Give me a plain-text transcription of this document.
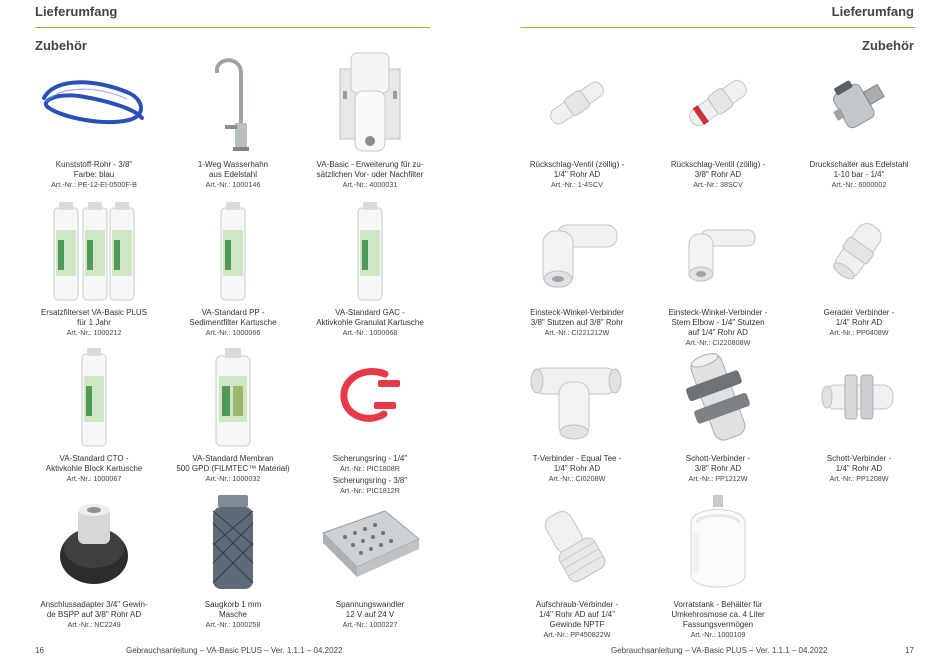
Lieferumfang
Zubehör
Kunststoff-Rohr - 3/8"
Farbe: blau
Art.-Nr.: PE-12-EI-0500F-B
1-Weg Wasserhahn
aus Edelstahl
Art.-Nr.: 1000146
VA-Basic - Erweiterung für zu-
sätzlichen Vor- oder Nachfilter
Art.-Nr.: 4000031
Ersatzfilterset VA-Basic PLUS
für 1 Jahr
Art.-Nr.: 1000212
VA-Standard PP -
Sedimentfilter Kartusche
Art.-Nr.: 1000066
VA-Standard GAC -
Aktivkohle Granulat Kartusche
Art.-Nr.: 1000068
VA-Standard CTO -
Aktivkohle Block Kartusche
Art.-Nr.: 1000067
VA-Standard Membran
500 GPD (FILMTEC™ Material)
Art.-Nr.: 1000032
Sicherungsring - 1/4"
Art.-Nr.: PIC1808R
Sicherungsring - 3/8"
Art.-Nr.: PIC1812R
Anschlussadapter 3/4" Gewin-
de BSPP auf 3/8" Rohr AD
Art.-Nr.: NC2249
Saugkorb 1 mm
Masche
Art.-Nr.: 1000258
Spannungswandler
12 V auf 24 V
Art.-Nr.: 1000227
16	Gebrauchsanleitung – VA-Basic PLUS – Ver. 1.1.1 – 04.2022
Lieferumfang
Zubehör
Rückschlag-Ventil (zöllig) -
1/4" Rohr AD
Art.-Nr.: 1-4SCV
Rückschlag-Ventil (zöllig) -
3/8" Rohr AD
Art.-Nr.: 38SCV
Druckschalter aus Edelstahl
1-10 bar - 1/4"
Art.-Nr.: 6000002
Einsteck-Winkel-Verbinder
3/8" Stutzen auf 3/8" Rohr
Art.-Nr.: CI221212W
Einsteck-Winkel-Verbinder -
Stem Elbow - 1/4" Stutzen
auf 1/4" Rohr AD
Art.-Nr.: CI220808W
Gerader Verbinder -
1/4" Rohr AD
Art.-Nr.: PP0408W
T-Verbinder - Equal Tee -
1/4" Rohr AD
Art.-Nr.: CI0208W
Schott-Verbinder -
3/8" Rohr AD
Art.-Nr.: PP1212W
Schott-Verbinder -
1/4" Rohr AD
Art.-Nr.: PP1208W
Aufschraub-Verbinder -
1/4" Rohr AD auf 1/4"
Gewinde NPTF
Art.-Nr.: PP450822W
Vorratstank - Behälter für
Umkehrosmose ca. 4 Liter
Fassungsvermögen
Art.-Nr.: 1000109
Gebrauchsanleitung – VA-Basic PLUS – Ver. 1.1.1 – 04.2022	17
